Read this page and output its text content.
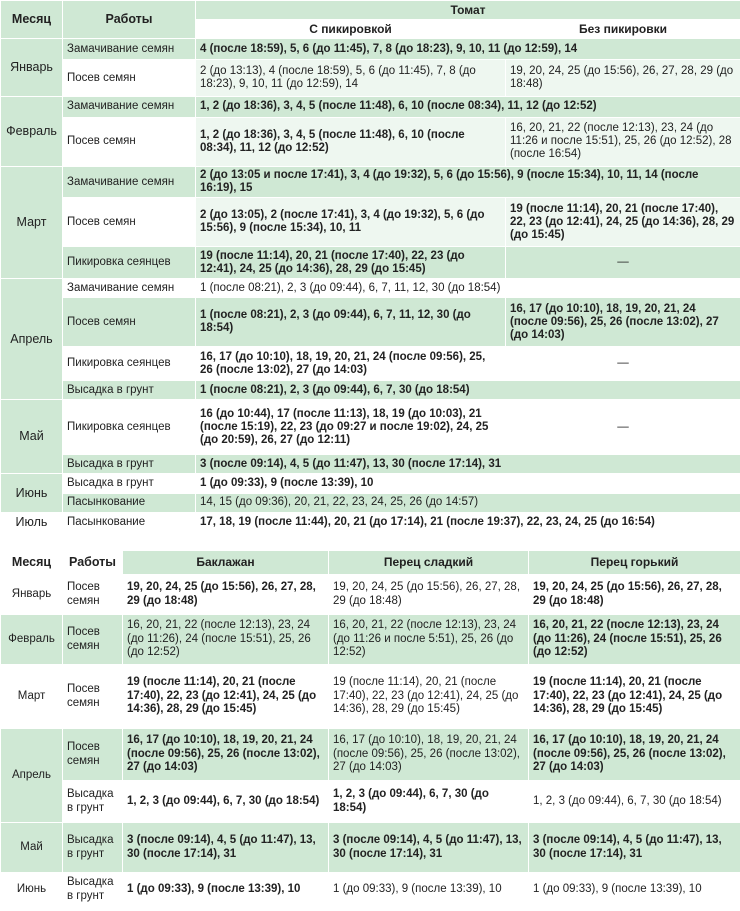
Месяц	Работы	Томат	
		С пикировкой	Без пикировки
Январь	Замачивание семян	4 (после 18:59), 5, 6 (до 11:45), 7, 8 (до 18:23), 9, 10, 11 (до 12:59), 14	
	Посев семян	2 (до 13:13), 4 (после 18:59), 5, 6 (до 11:45), 7, 8 (до 18:23), 9, 10, 11 (до 12:59), 14	19, 20, 24, 25 (до 15:56), 26, 27, 28, 29 (до 18:48)
Февраль	Замачивание семян	1, 2 (до 18:36), 3, 4, 5 (после 11:48), 6, 10 (после 08:34), 11, 12 (до 12:52)	
	Посев семян	1, 2 (до 18:36), 3, 4, 5 (после 11:48), 6, 10 (после 08:34), 11, 12 (до 12:52)	16, 20, 21, 22 (после 12:13), 23, 24 (до 11:26 и после 15:51), 25, 26 (до 12:52), 28 (после 16:54)
Март	Замачивание семян	2 (до 13:05 и после 17:41), 3, 4 (до 19:32), 5, 6 (до 15:56), 9 (после 15:34), 10, 11, 14 (после 16:19), 15	
	Посев семян	2 (до 13:05), 2 (после 17:41), 3, 4 (до 19:32), 5, 6 (до 15:56), 9 (после 15:34), 10, 11	19 (после 11:14), 20, 21 (после 17:40), 22, 23 (до 12:41), 24, 25 (до 14:36), 28, 29 (до 15:45)
	Пикировка сеянцев	19 (после 11:14), 20, 21 (после 17:40), 22, 23 (до 12:41), 24, 25 (до 14:36), 28, 29 (до 15:45)	—
Апрель	Замачивание семян	1 (после 08:21), 2, 3 (до 09:44), 6, 7, 11, 12, 30 (до 18:54)	
	Посев семян	1 (после 08:21), 2, 3 (до 09:44), 6, 7, 11, 12, 30 (до 18:54)	16, 17 (до 10:10), 18, 19, 20, 21, 24 (после 09:56), 25, 26 (после 13:02), 27 (до 14:03)
	Пикировка сеянцев	16, 17 (до 10:10), 18, 19, 20, 21, 24 (после 09:56), 25, 26 (после 13:02), 27 (до 14:03)	—
	Высадка в грунт	1 (после 08:21), 2, 3 (до 09:44), 6, 7, 30 (до 18:54)	
Май	Пикировка сеянцев	16 (до 10:44), 17 (после 11:13), 18, 19 (до 10:03), 21 (после 15:19), 22, 23 (до 09:27 и после 19:02), 24, 25 (до 20:59), 26, 27 (до 12:11)	—
	Высадка в грунт	3 (после 09:14), 4, 5 (до 11:47), 13, 30 (после 17:14), 31	
Июнь	Высадка в грунт	1 (до 09:33), 9 (после 13:39), 10	
	Пасынкование	14, 15 (до 09:36), 20, 21, 22, 23, 24, 25, 26 (до 14:57)	
Июль	Пасынкование	17, 18, 19 (после 11:44), 20, 21 (до 17:14), 21 (после 19:37), 22, 23, 24, 25 (до 16:54)	
Месяц	Работы	Баклажан	Перец сладкий	Перец горький
Январь	Посев семян	19, 20, 24, 25 (до 15:56), 26, 27, 28, 29 (до 18:48)	19, 20, 24, 25 (до 15:56), 26, 27, 28, 29 (до 18:48)	19, 20, 24, 25 (до 15:56), 26, 27, 28, 29 (до 18:48)
Февраль	Посев семян	16, 20, 21, 22 (после 12:13), 23, 24 (до 11:26), 24 (после 15:51), 25, 26 (до 12:52)	16, 20, 21, 22 (после 12:13), 23, 24 (до 11:26 и после 5:51), 25, 26 (до 12:52)	16, 20, 21, 22 (после 12:13), 23, 24 (до 11:26), 24 (после 15:51), 25, 26 (до 12:52)
Март	Посев семян	19 (после 11:14), 20, 21 (после 17:40), 22, 23 (до 12:41), 24, 25 (до 14:36), 28, 29 (до 15:45)	19 (после 11:14), 20, 21 (после 17:40), 22, 23 (до 12:41), 24, 25 (до 14:36), 28, 29 (до 15:45)	19 (после 11:14), 20, 21 (после 17:40), 22, 23 (до 12:41), 24, 25 (до 14:36), 28, 29 (до 15:45)
Апрель	Посев семян	16, 17 (до 10:10), 18, 19, 20, 21, 24 (после 09:56), 25, 26 (после 13:02), 27 (до 14:03)	16, 17 (до 10:10), 18, 19, 20, 21, 24 (после 09:56), 25, 26 (после 13:02), 27 (до 14:03)	16, 17 (до 10:10), 18, 19, 20, 21, 24 (после 09:56), 25, 26 (после 13:02), 27 (до 14:03)
	Высадка в грунт	1, 2, 3 (до 09:44), 6, 7, 30 (до 18:54)	1, 2, 3 (до 09:44), 6, 7, 30 (до 18:54)	1, 2, 3 (до 09:44), 6, 7, 30 (до 18:54)
Май	Высадка в грунт	3 (после 09:14), 4, 5 (до 11:47), 13, 30 (после 17:14), 31	3 (после 09:14), 4, 5 (до 11:47), 13, 30 (после 17:14), 31	3 (после 09:14), 4, 5 (до 11:47), 13, 30 (после 17:14), 31
Июнь	Высадка в грунт	1 (до 09:33), 9 (после 13:39), 10	1 (до 09:33), 9 (после 13:39), 10	1 (до 09:33), 9 (после 13:39), 10
